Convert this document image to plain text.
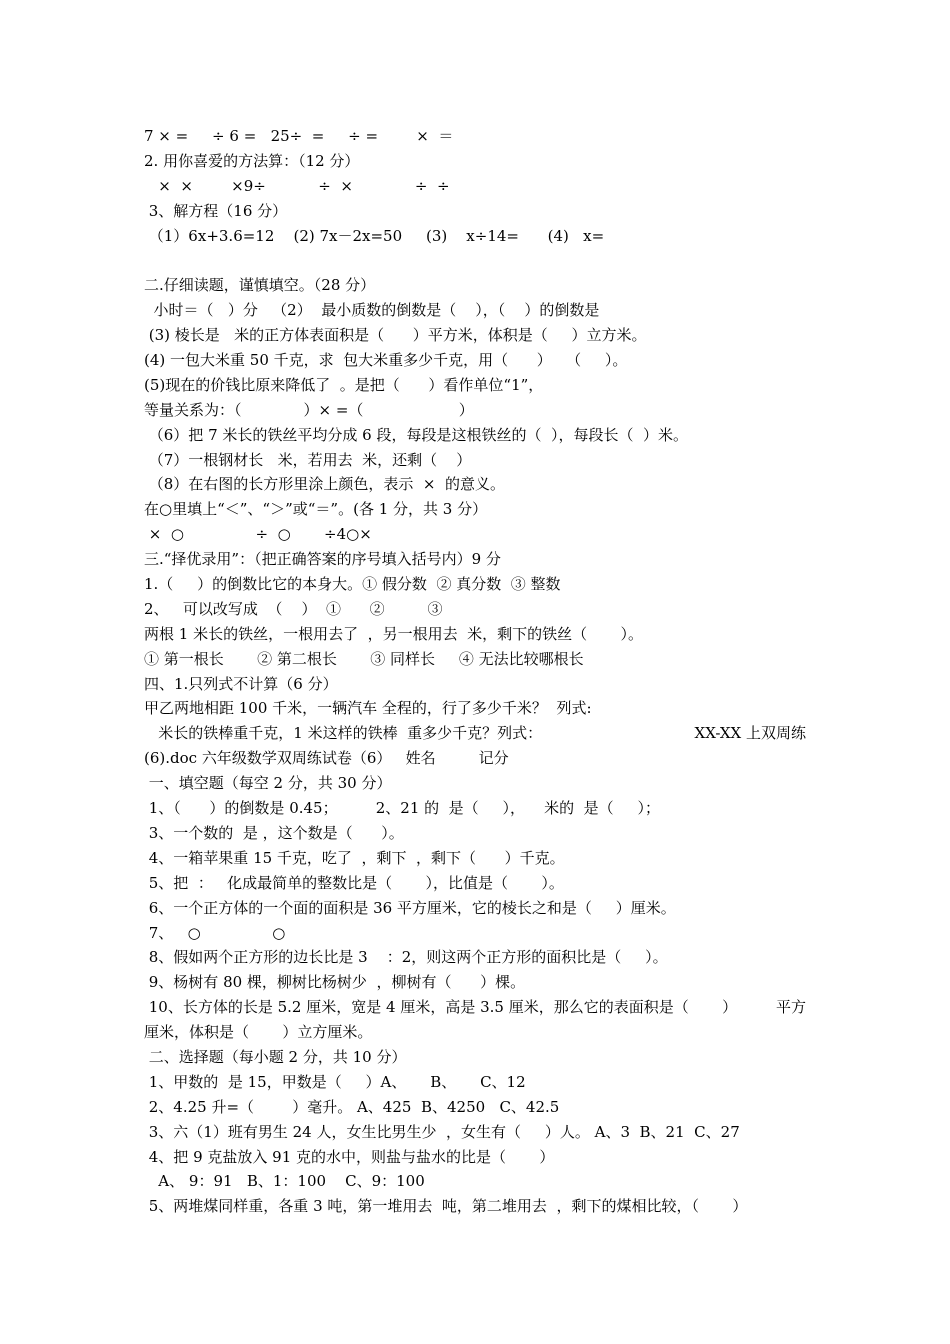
7 × =     ÷ 6 =   25÷  =     ÷ =        ×  ＝
2. 用你喜爱的方法算：（12 分）
×  ×        ×9÷           ÷  ×             ÷  ÷
3、解方程（16 分）
（1）6x+3.6=12    (2) 7x－2x=50     (3)    x÷14=      (4)   x=
二.仔细读题，谨慎填空。（28 分）
小时＝（   ）分   （2）  最小质数的倒数是（    ），（    ）的倒数是
(3) 棱长是   米的正方体表面积是（      ）平方米，体积是（     ）立方米。
(4) 一包大米重 50 千克，求  包大米重多少千克，用（      ）   （     ）。
(5)现在的价钱比原来降低了  。是把（      ）看作单位“1”，
等量关系为：（             ）× =（                    ）
（6）把 7 米长的铁丝平均分成 6 段，每段是这根铁丝的（  ），每段长（  ）米。
（7）一根钢材长   米，若用去  米，还剩（    ）
（8）在右图的长方形里涂上颜色，表示  ×  的意义。
在○里填上“＜”、“＞”或“＝”。(各 1 分，共 3 分）
×  ○               ÷  ○       ÷4○×
三.“择优录用”：（把正确答案的序号填入括号内）9 分
1.（     ）的倒数比它的本身大。① 假分数  ② 真分数  ③ 整数
2、   可以改写成  （    ）  ①      ②         ③
两根 1 米长的铁丝，一根用去了  ，另一根用去  米，剩下的铁丝（       ）。
① 第一根长       ② 第二根长       ③ 同样长     ④ 无法比较哪根长
四、1.只列式不计算（6 分）
甲乙两地相距 100 千米，一辆汽车 全程的，行了多少千米？  列式:
米长的铁棒重千克，1 米这样的铁棒  重多少千克？列式：	XX-XX 上双周练
(6).doc 六年级数学双周练试卷（6）   姓名         记分
一、填空题（每空 2 分，共 30 分）
1、（      ）的倒数是 0.45；        2、21 的  是（     ），    米的  是（     ）；
3、一个数的  是 ，这个数是（      ）。
4、一箱苹果重 15 千克，吃了  ，剩下  ，剩下（      ）千克。
5、把  ：   化成最简单的整数比是（       ），比值是（       ）。
6、一个正方体的一个面的面积是 36 平方厘米，它的棱长之和是（     ）厘米。
7、   ○               ○
8、假如两个正方形的边长比是 3    ：2，则这两个正方形的面积比是（     ）。
9、杨树有 80 棵，柳树比杨树少  ，柳树有（      ）棵。
10、长方体的长是 5.2 厘米，宽是 4 厘米，高是 3.5 厘米，那么它的表面积是（       ）	平方
厘米，体积是（       ）立方厘米。
二、选择题（每小题 2 分，共 10 分）
1、甲数的  是 15，甲数是（     ）A、     B、     C、12
2、4.25 升=（        ）毫升。 A、425  B、4250   C、42.5
3、六（1）班有男生 24 人，女生比男生少  ，女生有（     ）人。 A、3  B、21  C、27
4、把 9 克盐放入 91 克的水中，则盐与盐水的比是（       ）
A、 9：91   B、1：100    C、9：100
5、两堆煤同样重，各重 3 吨，第一堆用去  吨，第二堆用去  ，剩下的煤相比较，（       ）
